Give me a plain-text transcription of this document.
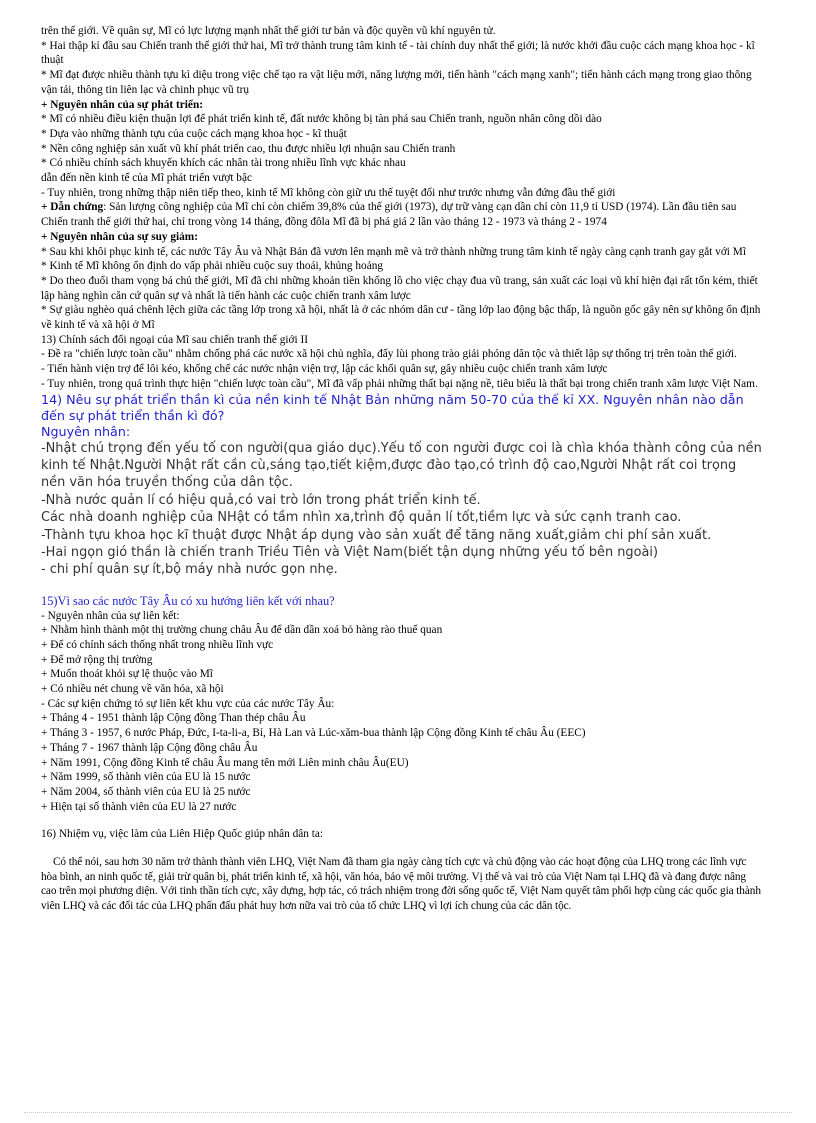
trên thế giới. Về quân sự, Mĩ có lực lượng mạnh nhất thế giới tư bản và độc quyền vũ khí nguyên tử.

* Hai thập kỉ đầu sau Chiến tranh thế giới thứ hai, Mĩ trở thành trung tâm kinh tế - tài chính duy nhất thế giới; là nước khởi đầu cuộc cách mạng khoa học - kĩ thuật

* Mĩ đạt được nhiều thành tựu kì diệu trong việc chế tạo ra vật liệu mới, năng lượng mới, tiến hành "cách mạng xanh"; tiến hành cách mạng trong giao thông vận tải, thông tin liên lạc và chinh phục vũ trụ

+ Nguyên nhân của sự phát triển:

* Mĩ có nhiều điều kiện thuận lợi để phát triển kinh tế, đất nước không bị tàn phá sau Chiến tranh, nguồn nhân công dồi dào

* Dựa vào những thành tựu của cuộc cách mạng khoa học - kĩ thuật

* Nền công nghiệp sản xuất vũ khí phát triển cao, thu được nhiều lợi nhuận sau Chiến tranh

* Có nhiều chính sách khuyến khích các nhân tài trong nhiều lĩnh vực khác nhau

dẫn đến nền kinh tế của Mĩ phát triển vượt bậc

- Tuy nhiên, trong những thập niên tiếp theo, kinh tế Mĩ không còn giữ ưu thế tuyệt đối như trước nhưng vẫn đứng đầu thế giới

+ Dẫn chứng: Sản lượng công nghiệp của Mĩ chỉ còn chiếm 39,8% của thế giới (1973), dự trữ vàng cạn dần chỉ còn 11,9 tỉ USD (1974). Lần đầu tiên sau Chiến tranh thế giới thứ hai, chỉ trong vòng 14 tháng, đồng đôla Mĩ đã bị phá giá 2 lần vào tháng 12 - 1973 và tháng 2 - 1974

+ Nguyên nhân của sự suy giảm:

* Sau khi khôi phục kinh tế, các nước Tây Âu và Nhật Bản đã vươn lên mạnh mẽ và trở thành những trung tâm kinh tế ngày càng cạnh tranh gay gắt với Mĩ

* Kinh tế Mĩ không ổn định do vấp phải nhiều cuộc suy thoái, khủng hoảng

* Do theo đuổi tham vọng bá chủ thế giới, Mĩ đã chi những khoản tiền khổng lồ cho việc chạy đua vũ trang, sản xuất các loại vũ khí hiện đại rất tốn kém, thiết lập hàng nghìn căn cứ quân sự và nhất là tiến hành các cuộc chiến tranh xâm lược

* Sự giàu nghèo quá chênh lệch giữa các tầng lớp trong xã hội, nhất là ở các nhóm dân cư - tầng lớp lao động bậc thấp, là nguồn gốc gây nên sự không ổn định về kinh tế và xã hội ở Mĩ

13) Chính sách đối ngoại của Mĩ sau chiến tranh thế giới II

- Đề ra "chiến lược toàn cầu" nhằm chống phá các nước xã hội chủ nghĩa, đẩy lùi phong trào giải phóng dân tộc và thiết lập sự thống trị trên toàn thế giới.

- Tiến hành viện trợ để lôi kéo, khống chế các nước nhận viện trợ, lập các khối quân sự, gây nhiều cuộc chiến tranh xâm lược

- Tuy nhiên, trong quá trình thực hiện "chiến lược toàn cầu", Mĩ đã vấp phải những thất bại nặng nề, tiêu biểu là thất bại trong chiến tranh xâm lược Việt Nam.

14) Nêu sự phát triển thần kì của nền kinh tế Nhật Bản những năm 50-70 của thế kỉ XX. Nguyên nhân nào dẫn đến sự phát triển thần kì đó?

Nguyên nhân:

-Nhật chú trọng đến yếu tố con người(qua giáo dục).Yếu tố con người được coi là chìa khóa thành công của nền kinh tế Nhật.Người Nhật rất cần cù,sáng tạo,tiết kiệm,được đào tạo,có trình độ cao,Người Nhật rất coi trọng nền văn hóa truyền thống của dân tộc.

-Nhà nước quản lí có hiệu quả,có vai trò lớn trong phát triển kinh tế.

Các nhà doanh nghiệp của NHật có tầm nhìn xa,trình độ quản lí tốt,tiềm lực và sức cạnh tranh cao.

-Thành tựu khoa học kĩ thuật được Nhật áp dụng vào sản xuất để tăng năng xuất,giảm chi phí sản xuất.

-Hai ngọn gió thần là chiến tranh Triều Tiên và Việt Nam(biết tận dụng những yếu tố bên ngoài)

- chi phí quân sự ít,bộ máy nhà nước gọn nhẹ.

15)Vì sao các nước Tây Âu có xu hướng liên kết với nhau?

- Nguyên nhân của sự liên kết:

+ Nhằm hình thành một thị trường chung châu Âu để dần dần xoá bỏ hàng rào thuế quan

+ Để có chính sách thống nhất trong nhiều lĩnh vực

+ Để mở rộng thị trường

+ Muốn thoát khỏi sự lệ thuộc vào Mĩ

+ Có nhiều nét chung về văn hóa, xã hội

- Các sự kiện chứng tỏ sự liên kết khu vực của các nước Tây Âu:

+ Tháng 4 - 1951 thành lập Cộng đồng Than thép châu Âu

+ Tháng 3 - 1957, 6 nước Pháp, Đức, I-ta-li-a, Bỉ, Hà Lan và Lúc-xăm-bua thành lập Cộng đồng Kinh tế châu Âu (EEC)

+ Tháng 7 - 1967 thành lập Cộng đồng châu Âu

+ Năm 1991, Cộng đồng Kinh tế châu Âu mang tên mới Liên minh châu Âu(EU)

+ Năm 1999, số thành viên của EU là 15 nước

+ Năm 2004, số thành viên của EU là 25 nước

+ Hiện tại số thành viên của EU là 27 nước

16) Nhiệm vụ, việc làm của Liên Hiệp Quốc giúp nhân dân ta:

Có thể nói, sau hơn 30 năm trở thành thành viên LHQ, Việt Nam đã tham gia ngày càng tích cực và chủ động vào các hoạt động của LHQ trong các lĩnh vực hòa bình, an ninh quốc tế, giải trừ quân bị, phát triển kinh tế, xã hội, văn hóa, bảo vệ môi trường. Vị thế và vai trò của Việt Nam tại LHQ đã và đang được nâng cao trên mọi phương diện. Với tinh thần tích cực, xây dựng, hợp tác, có trách nhiệm trong đời sống quốc tế, Việt Nam quyết tâm phối hợp cùng các quốc gia thành viên LHQ và các đối tác của LHQ phấn đấu phát huy hơn nữa vai trò của tổ chức LHQ vì lợi ích chung của các dân tộc.
